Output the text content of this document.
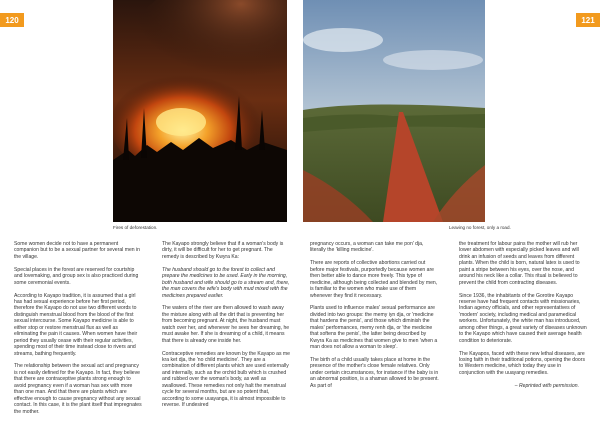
120	121
Fires of deforestation.	Leaving no forest, only a road.

Some women decide not to have a permanent companion but to be a sexual partner for several men in the village.

Special places in the forest are reserved for courtship and lovemaking, and group sex is also practiced during some ceremonial events.

According to Kayapo tradition, it is assumed that a girl has had sexual experience before her first period, therefore the Kayapo do not use two different words to distinguish menstrual blood from the blood of the first sexual intercourse. Some Kayapo medicine is able to either stop or restore menstrual flux as well as eliminating the pain it causes. When women have their period they usually cease with their regular activities, spending most of their time instead close to rivers and streams, bathing frequently.

The relationship between the sexual act and pregnancy is not easily defined for the Kayapo. In fact, they believe that there are contraceptive plants strong enough to avoid pregnancy even if a woman has sex with more than one man. And that there are plants which are effective enough to cause pregnancy without any sexual contact. In this case, it is the plant itself that impregnates the mother.

The Kayapo strongly believe that if a woman's body is dirty, it will be difficult for her to get pregnant. The remedy is described by Kwyra Ka:

The husband should go to the forest to collect and prepare the medicines to be used. Early in the morning, both husband and wife should go to a stream and, there, the man covers the wife's body with mud mixed with the medicines prepared earlier.

The waters of the river are then allowed to wash away the mixture along with all the dirt that is preventing her from becoming pregnant. At night, the husband must watch over her, and whenever he sees her dreaming, he must awake her. If she is dreaming of a child, it means that there is already one inside her.

Contraceptive remedies are known by the Kayapo as me kra ket dja, the 'no child medicine'. They are a combination of different plants which are used externally and internally, such as the orchid bulb which is crushed and rubbed over the woman's body, as well as swallowed. These remedies not only halt the menstrual cycle for several months, but are so potent that, according to some uuayanga, it is almost impossible to reverse. If undesired

pregnancy occurs, a woman can take me pon' dja, literally the 'killing medicine'.

There are reports of collective abortions carried out before major festivals, purportedly because women are then better able to dance more freely. This type of medicine, although being collected and blended by men, is familiar to the women who make use of them whenever they find it necessary.

Plants used to influence males' sexual performance are divided into two groups: the memy iyn dja, or 'medicine that hardens the penis', and those which diminish the males' performances, memy renh dja, or 'the medicine that softens the penis', the latter being described by Kwyra Ka as medicines that women give to men 'when a man does not allow a woman to sleep'.

The birth of a child usually takes place at home in the presence of the mother's close female relatives. Only under certain circumstances, for instance if the baby is in an abnormal position, is a shaman allowed to be present. As part of

the treatment for labour pains the mother will rub her lower abdomen with especially picked leaves and will drink an infusion of seeds and leaves from different plants. When the child is born, natural latex is used to paint a stripe between his eyes, over the nose, and around his neck like a collar. This ritual is believed to prevent the child from contracting diseases.

Since 1936, the inhabitants of the Gorotire Kayapo reserve have had frequent contacts with missionaries, Indian agency officials, and other representatives of 'modern' society, including medical and paramedical workers. Unfortunately, the white man has introduced, among other things, a great variety of diseases unknown to the Kayapo which have caused their average health condition to deteriorate.

The Kayapos, faced with these new lethal diseases, are losing faith in their traditional potions, opening the doors to Western medicine, which today they use in conjunction with the uuayang remedies.

– Reprinted with permission.
